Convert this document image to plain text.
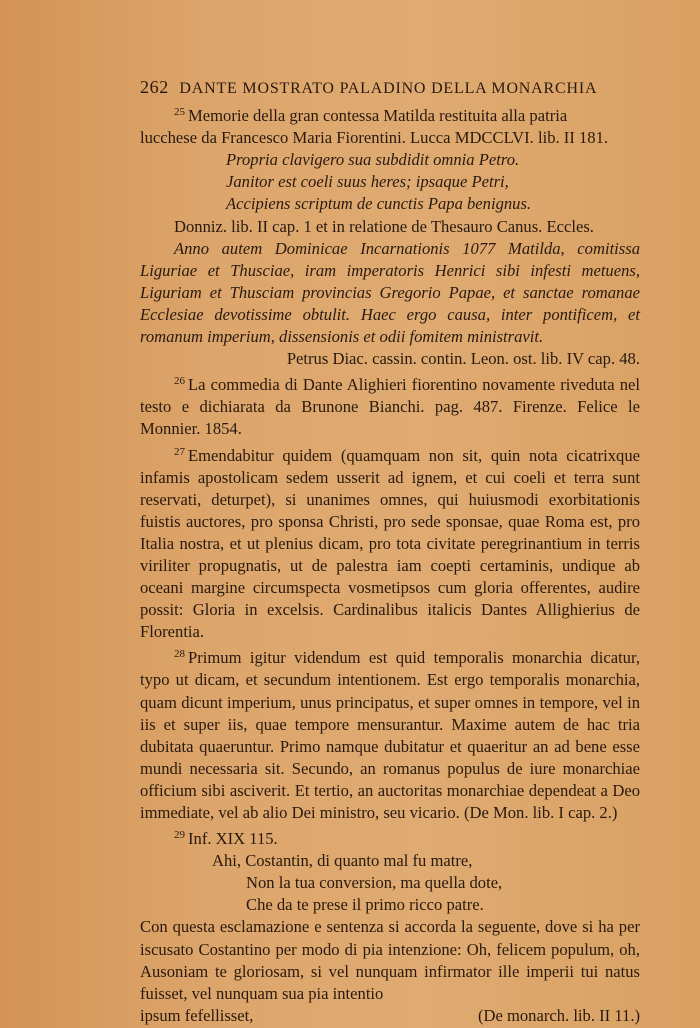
262 DANTE MOSTRATO PALADINO DELLA MONARCHIA

$^{25}$ Memorie della gran contessa Matilda restituita alla patria

lucchese da Francesco Maria Fiorentini. Lucca MDCCLVI. lib. II 181.

Propria clavigero sua subdidit omnia Petro.

Janitor est coeli suus heres; ipsaque Petri,

Accipiens scriptum de cunctis Papa benignus.

Donniz. lib. II cap. 1 et in relatione de Thesauro Canus. Eccles.

Anno autem Dominicae Incarnationis 1077 Matilda, comitissa Liguriae et Thusciae, iram imperatoris Henrici sibi infesti metuens, Liguriam et Thusciam provincias Gregorio Papae, et sanctae romanae Ecclesiae devotissime obtulit. Haec ergo causa, inter pontificem, et romanum imperium, dissensionis et odii fomitem ministravit.

Petrus Diac. cassin. contin. Leon. ost. lib. IV cap. 48.

$^{26}$ La commedia di Dante Alighieri fiorentino novamente riveduta nel testo e dichiarata da Brunone Bianchi. pag. 487. Firenze. Felice le Monnier. 1854.

$^{27}$ Emendabitur quidem (quamquam non sit, quin nota cicatrixque infamis apostolicam sedem usserit ad ignem, et cui coeli et terra sunt reservati, deturpet), si unanimes omnes, qui huiusmodi exorbitationis fuistis auctores, pro sponsa Christi, pro sede sponsae, quae Roma est, pro Italia nostra, et ut plenius dicam, pro tota civitate peregrinantium in terris viriliter propugnatis, ut de palestra iam coepti certaminis, undique ab oceani margine circumspecta vosmetipsos cum gloria offerentes, audire possit: Gloria in excelsis. Cardinalibus italicis Dantes Allighierius de Florentia.

$^{28}$ Primum igitur videndum est quid temporalis monarchia dicatur, typo ut dicam, et secundum intentionem. Est ergo temporalis monarchia, quam dicunt imperium, unus principatus, et super omnes in tempore, vel in iis et super iis, quae tempore mensurantur. Maxime autem de hac tria dubitata quaeruntur. Primo namque dubitatur et quaeritur an ad bene esse mundi necessaria sit. Secundo, an romanus populus de iure monarchiae officium sibi asciverit. Et tertio, an auctoritas monarchiae dependeat a Deo immediate, vel ab alio Dei ministro, seu vicario. (De Mon. lib. I cap. 2.)

$^{29}$ Inf. XIX 115.

Ahi, Costantin, di quanto mal fu matre,

Non la tua conversion, ma quella dote,

Che da te prese il primo ricco patre.

Con questa esclamazione e sentenza si accorda la seguente, dove si ha per iscusato Costantino per modo di pia intenzione: Oh, felicem populum, oh, Ausoniam te gloriosam, si vel nunquam infirmator ille imperii tui natus fuisset, vel nunquam sua pia intentio

ipsum fefellisset,	(De monarch. lib. II 11.)
